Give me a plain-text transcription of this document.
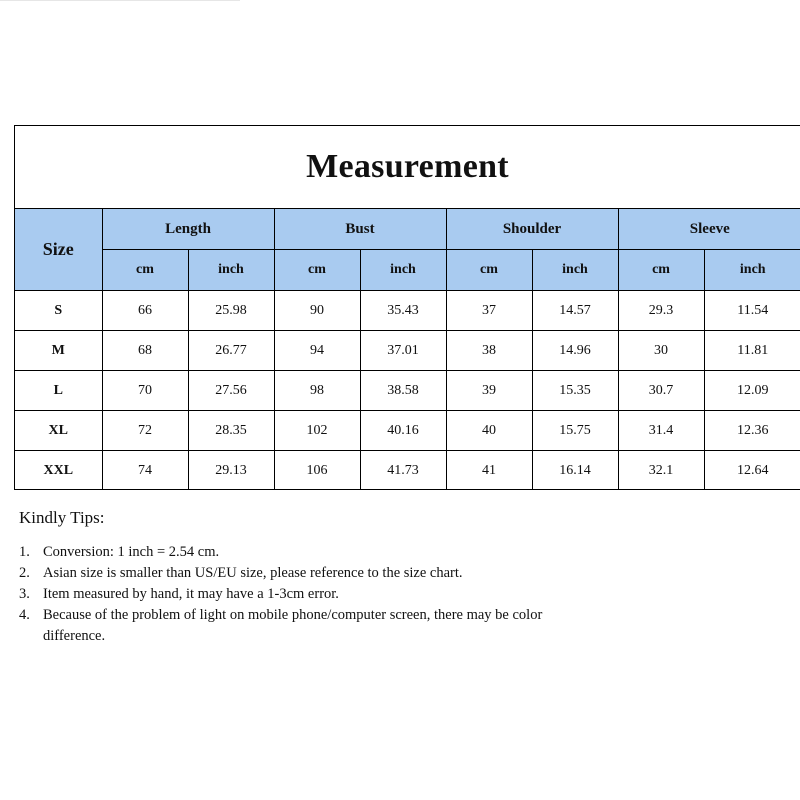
Measurement
Size	Length		Bust		Shoulder		Sleeve	
	cm	inch	cm	inch	cm	inch	cm	inch
S	66	25.98	90	35.43	37	14.57	29.3	11.54
M	68	26.77	94	37.01	38	14.96	30	11.81
L	70	27.56	98	38.58	39	15.35	30.7	12.09
XL	72	28.35	102	40.16	40	15.75	31.4	12.36
XXL	74	29.13	106	41.73	41	16.14	32.1	12.64
Kindly Tips:
1. Conversion: 1 inch = 2.54 cm.
2. Asian size is smaller than US/EU size, please reference to the size chart.
3. Item measured by hand, it may have a 1-3cm error.
4. Because of the problem of light on mobile phone/computer screen, there may be color difference.
